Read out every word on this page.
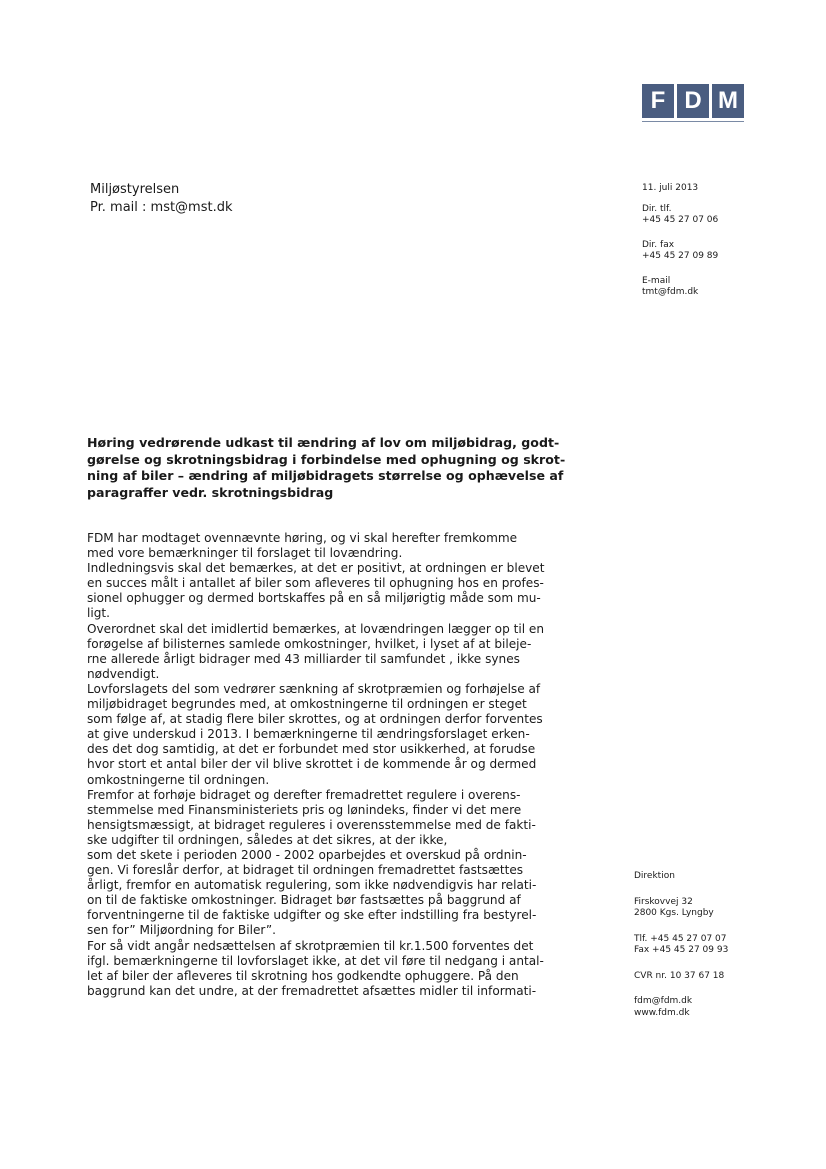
F D M
Miljøstyrelsen
Pr. mail : mst@mst.dk
11. juli 2013
Dir. tlf.
+45 45 27 07 06
Dir. fax
+45 45 27 09 89
E-mail
tmt@fdm.dk
Høring vedrørende udkast til ændring af lov om miljøbidrag, godt-
gørelse og skrotningsbidrag i forbindelse med ophugning og skrot-
ning af biler – ændring af miljøbidragets størrelse og ophævelse af
paragraffer vedr. skrotningsbidrag
FDM har modtaget ovennævnte høring, og vi skal herefter fremkomme
med vore bemærkninger til forslaget til lovændring.
Indledningsvis skal det bemærkes, at det er positivt, at ordningen er blevet
en succes målt i antallet af biler som afleveres til ophugning hos en profes-
sionel ophugger og dermed bortskaffes på en så miljørigtig måde som mu-
ligt.
Overordnet skal det imidlertid bemærkes, at lovændringen lægger op til en
forøgelse af bilisternes samlede omkostninger, hvilket, i lyset af at bileje-
rne allerede årligt bidrager med 43 milliarder til samfundet , ikke synes
nødvendigt.
Lovforslagets del som vedrører sænkning af skrotpræmien og forhøjelse af
miljøbidraget begrundes med, at omkostningerne til ordningen er steget
som følge af, at stadig flere biler skrottes, og at ordningen derfor forventes
at give underskud i 2013. I bemærkningerne til ændringsforslaget erken-
des det dog samtidig, at det er forbundet med stor usikkerhed, at forudse
hvor stort et antal biler der vil blive skrottet i de kommende år og dermed
omkostningerne til ordningen.
Fremfor at forhøje bidraget og derefter fremadrettet regulere i overens-
stemmelse med Finansministeriets pris og lønindeks, finder vi det mere
hensigtsmæssigt, at bidraget reguleres i overensstemmelse med de fakti-
ske udgifter til ordningen, således at det sikres, at der ikke,
som det skete i perioden 2000 - 2002 oparbejdes et overskud på ordnin-
gen. Vi foreslår derfor, at bidraget til ordningen fremadrettet fastsættes
årligt, fremfor en automatisk regulering, som ikke nødvendigvis har relati-
on til de faktiske omkostninger. Bidraget bør fastsættes på baggrund af
forventningerne til de faktiske udgifter og ske efter indstilling fra bestyrel-
sen for” Miljøordning for Biler”.
For så vidt angår nedsættelsen af skrotpræmien til kr.1.500 forventes det
ifgl. bemærkningerne til lovforslaget ikke, at det vil føre til nedgang i antal-
let af biler der afleveres til skrotning hos godkendte ophuggere. På den
baggrund kan det undre, at der fremadrettet afsættes midler til informati-
Direktion
Firskovvej 32
2800 Kgs. Lyngby
Tlf. +45 45 27 07 07
Fax +45 45 27 09 93
CVR nr. 10 37 67 18
fdm@fdm.dk
www.fdm.dk
